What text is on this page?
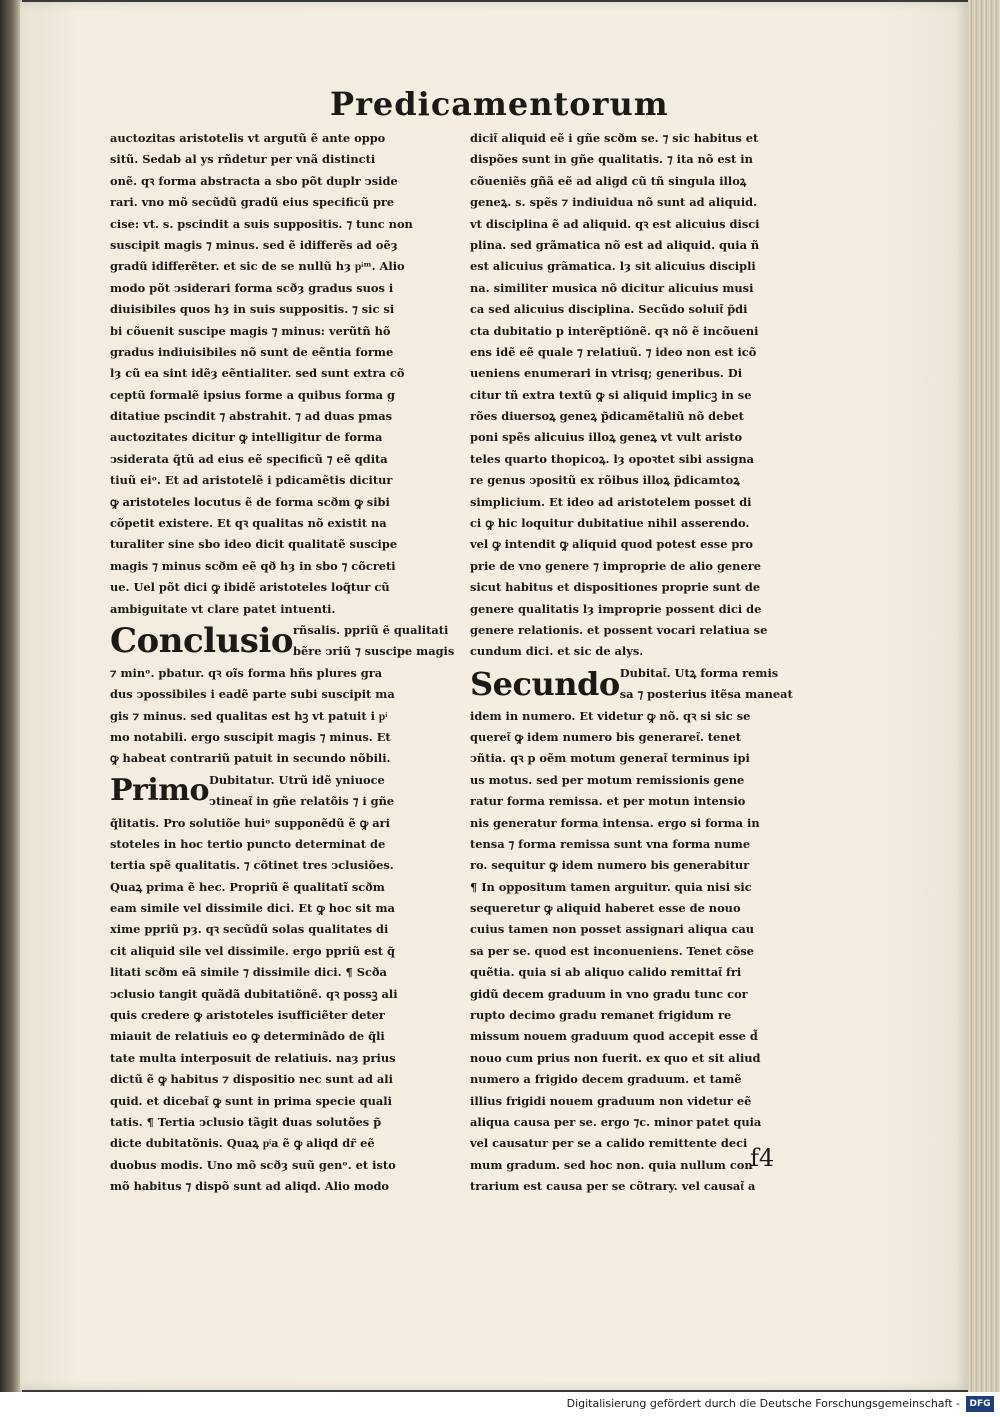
Predicamentorum
auctozitas aristotelis vt argutũ ẽ ante oppo
sitũ. Sedab al ys rñdetur per vnã distincti
onẽ. qꝛ forma abstracta a sbo põt duplr ↄside
rari. vno mõ secũdũ gradũ eius specificũ pre
cise: vt. s. pscindit a suis suppositis. ⁊ tunc non
suscipit magis ⁊ minus. sed ẽ idifferẽs ad oẽȝ
gradũ idifferẽter. et sic de se nullũ hȝ pͥᵐ. Alio
modo põt ↄsiderari forma scðȝ gradus suos i
diuisibiles quos hȝ in suis suppositis. ⁊ sic si
bi cõuenit suscipe magis ⁊ minus: verũtñ hõ
gradus indiuisibiles nõ sunt de eẽntia forme
lȝ cũ ea sint idẽȝ eẽntialiter. sed sunt extra cõ
ceptũ formalẽ ipsius forme a quibus forma g
ditatiue pscindit ⁊ abstrahit. ⁊ ad duas pmas
auctozitates dicitur ꝙ intelligitur de forma
ↄsiderata q̃tũ ad eius eẽ specificũ ⁊ eẽ qdita
tiuũ eiᵒ. Et ad aristotelẽ i pdicamẽtis dicitur
ꝙ aristoteles locutus ẽ de forma scðm ꝙ sibi
cõpetit existere. Et qꝛ qualitas nõ existit na
turaliter sine sbo ideo dicit qualitatẽ suscipe
magis ⁊ minus scðm eẽ qð hȝ in sbo ⁊ cõcreti
ue. Uel põt dici ꝙ ibidẽ aristoteles loq̃tur cũ
ambiguitate vt clare patet intuenti.
Conclusio rñsalis. ppriũ ẽ qualitati
bẽre ↄriũ ⁊ suscipe magis
⁊ minᵒ. pbatur. qꝛ oĩs forma hñs plures gra
dus ↄpossibiles i eadẽ parte subi suscipit ma
gis ⁊ minus. sed qualitas est hꝫ vt patuit i pͥ
mo notabili. ergo suscipit magis ⁊ minus. Et
ꝙ habeat contrariũ patuit in secundo nõbili.
Primo Dubitatur. Utrũ idẽ yniuoce
ↄtineat͂ in gñe relatõis ⁊ i gñe
q̃litatis. Pro solutiõe huiᵒ supponẽdũ ẽ ꝙ ari
stoteles in hoc tertio puncto determinat de
tertia spẽ qualitatis. ⁊ cõtinet tres ↄclusiões.
Quaꝝ prima ẽ hec. Propriũ ẽ qualitatĩ scðm
eam simile vel dissimile dici. Et ꝙ hoc sit ma
xime ppriũ pȝ. qꝛ secũdũ solas qualitates di
cit aliquid sile vel dissimile. ergo ppriũ est q̃
litati scðm eã simile ⁊ dissimile dici. ¶ Scða
ↄclusio tangit quãdã dubitatiõnẽ. qꝛ possꝫ ali
quis credere ꝙ aristoteles isufficiẽter deter
miauit de relatiuis eo ꝙ determinãdo de q̃li
tate multa interposuit de relatiuis. naȝ prius
dictũ ẽ ꝙ habitus ⁊ dispositio nec sunt ad ali
quid. et dicebat͂ ꝙ sunt in prima specie quali
tatis. ¶ Tertia ↄclusio tãgit duas solutões p̃
dicte dubitatõnis. Quaꝝ pͥa ẽ ꝙ aliqd dr̃ eẽ
duobus modis. Uno mõ scðȝ suũ genᵒ. et isto
mõ habitus ⁊ dispõ sunt ad aliqd. Alio modo
dicit͂ aliquid eẽ i gñe scðm se. ⁊ sic habitus et
dispões sunt in gñe qualitatis. ⁊ ita nõ est in
cõueniẽs gñã eẽ ad aligd cũ tñ singula illoꝝ
geneꝝ. s. spẽs ⁊ indiuidua nõ sunt ad aliquid.
vt disciplina ẽ ad aliquid. qꝛ est alicuius disci
plina. sed grãmatica nõ est ad aliquid. quia ñ
est alicuius grãmatica. lȝ sit alicuius discipli
na. similiter musica nõ dicitur alicuius musi
ca sed alicuius disciplina. Secũdo soluit͂ p̃di
cta dubitatio p interẽptiõnẽ. qꝛ nõ ẽ incõueni
ens idẽ eẽ quale ⁊ relatiuũ. ⁊ ideo non est icõ
ueniens enumerari in vtrisq; generibus. Di
citur tñ extra textũ ꝙ si aliquid implicꝫ in se
rões diuersoꝝ geneꝝ p̃dicamẽtaliũ nõ debet
poni spẽs alicuius illoꝝ geneꝝ vt vult aristo
teles quarto thopicoꝝ. lȝ opoꝛtet sibi assigna
re genus ↄpositũ ex rõibus illoꝝ p̃dicamtoꝝ
simplicium. Et ideo ad aristotelem posset di
ci ꝙ hic loquitur dubitatiue nihil asserendo.
vel ꝙ intendit ꝙ aliquid quod potest esse pro
prie de vno genere ⁊ improprie de alio genere
sicut habitus et dispositiones proprie sunt de
genere qualitatis lȝ improprie possent dici de
genere relationis. et possent vocari relatiua se
cundum dici. et sic de alys.
Secundo Dubitat͂. Utꝝ forma remis
sa ⁊ posterius itẽsa maneat
idem in numero. Et videtur ꝙ nõ. qꝛ si sic se
queret͂ ꝙ idem numero bis generaret͂. tenet
ↄñtia. qꝛ p oẽm motum generat͂ terminus ipi
us motus. sed per motum remissionis gene
ratur forma remissa. et per motun intensio
nis generatur forma intensa. ergo si forma in
tensa ⁊ forma remissa sunt vna forma nume
ro. sequitur ꝙ idem numero bis generabitur
¶ In oppositum tamen arguitur. quia nisi sic
sequeretur ꝙ aliquid haberet esse de nouo
cuius tamen non posset assignari aliqua cau
sa per se. quod est inconueniens. Tenet cõse
quẽtia. quia si ab aliquo calido remittat͂ fri
gidũ decem graduum in vno gradu tunc cor
rupto decimo gradu remanet frigidum re
missum nouem graduum quod accepit esse d̃
nouo cum prius non fuerit. ex quo et sit aliud
numero a frigido decem graduum. et tamẽ
illius frigidi nouem graduum non videtur eẽ
aliqua causa per se. ergo ⁊c. minor patet quia
vel causatur per se a calido remittente deci
mum gradum. sed hoc non. quia nullum con
trarium est causa per se cõtrary. vel causat͂ a
f4
Digitalisierung gefördert durch die Deutsche Forschungsgemeinschaft -	DFG
